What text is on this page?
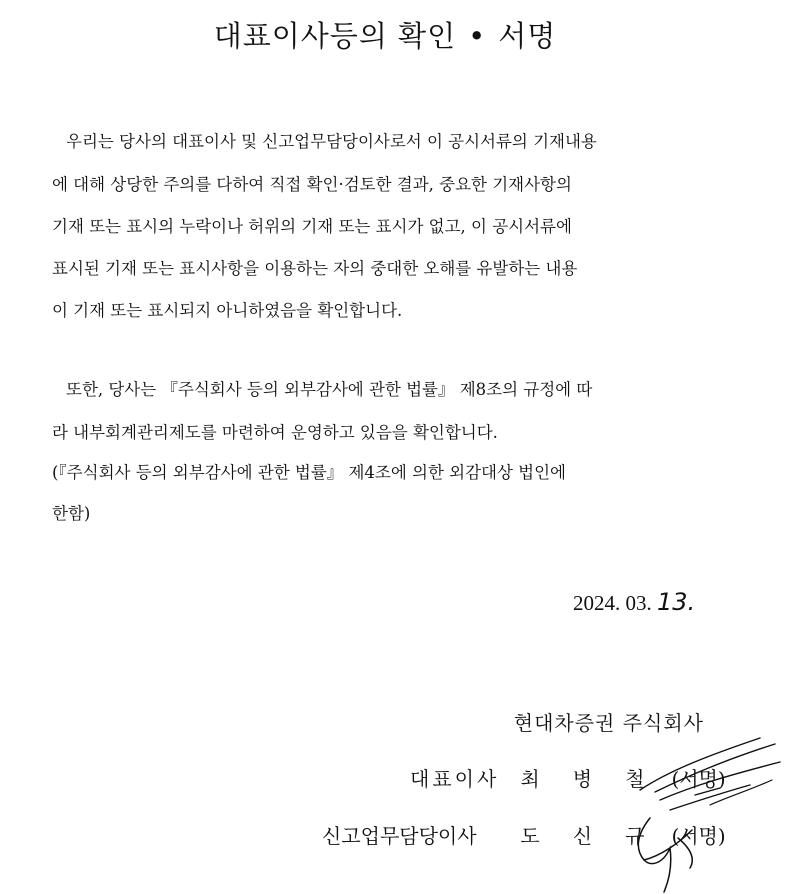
대표이사등의 확인 • 서명
우리는 당사의 대표이사 및 신고업무담당이사로서 이 공시서류의 기재내용
에 대해 상당한 주의를 다하여 직접 확인·검토한 결과, 중요한 기재사항의
기재 또는 표시의 누락이나 허위의 기재 또는 표시가 없고, 이 공시서류에
표시된 기재 또는 표시사항을 이용하는 자의 중대한 오해를 유발하는 내용
이 기재 또는 표시되지 아니하였음을 확인합니다.
또한, 당사는 『주식회사 등의 외부감사에 관한 법률』 제8조의 규정에 따
라 내부회계관리제도를 마련하여 운영하고 있음을 확인합니다.
(『주식회사 등의 외부감사에 관한 법률』 제4조에 의한 외감대상 법인에
한함)
2024. 03. 13.
현대차증권 주식회사
대표이사 최 병 철 (서명)
신고업무담당이사 도 신 규 (서명)
